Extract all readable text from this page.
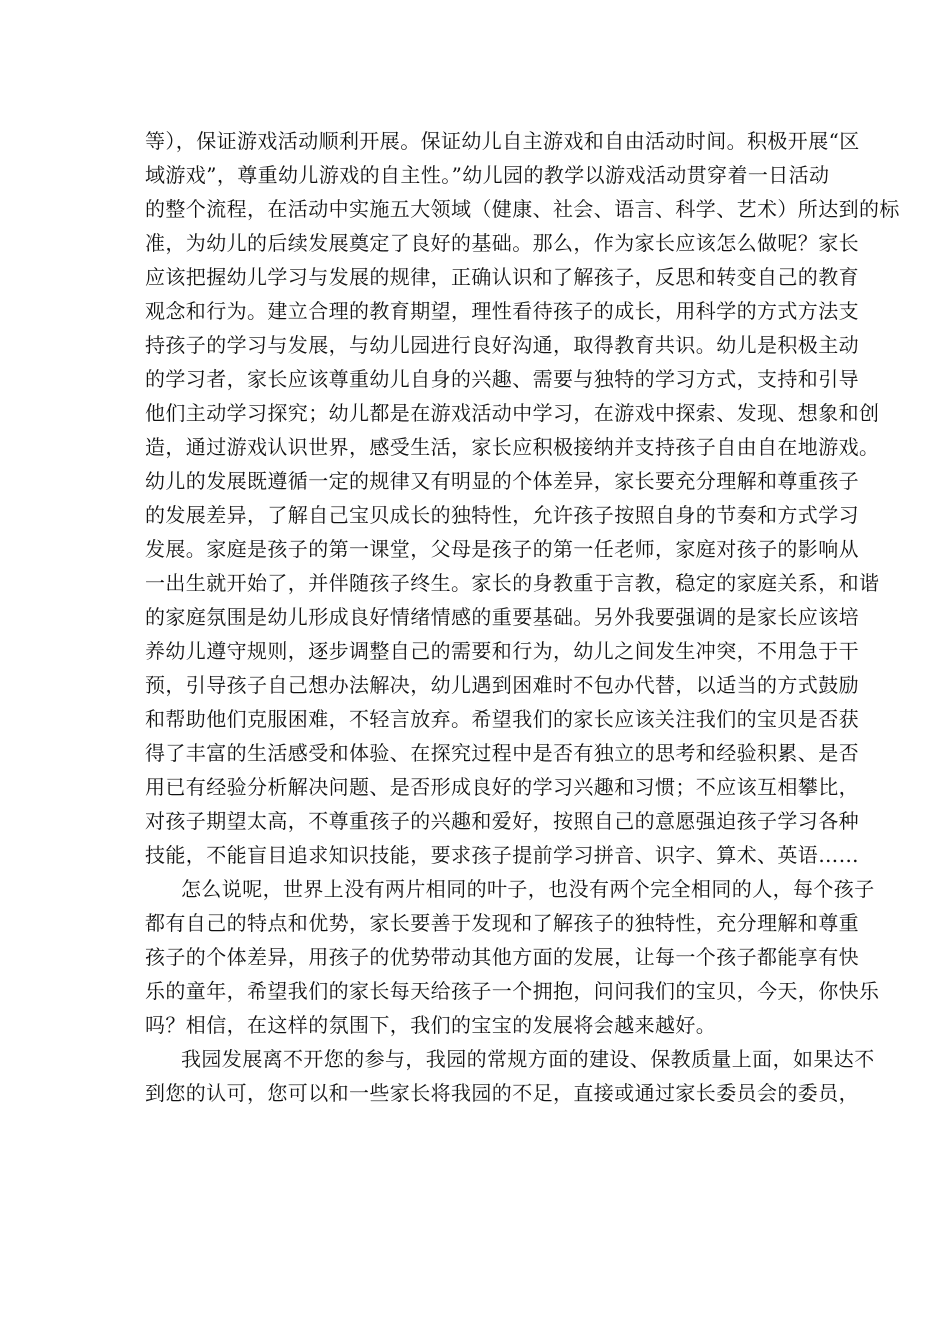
等），保证游戏活动顺利开展。保证幼儿自主游戏和自由活动时间。积极开展“区
域游戏”，尊重幼儿游戏的自主性。”幼儿园的教学以游戏活动贯穿着一日活动
的整个流程，在活动中实施五大领域（健康、社会、语言、科学、艺术）所达到的标
准，为幼儿的后续发展奠定了良好的基础。那么，作为家长应该怎么做呢？家长
应该把握幼儿学习与发展的规律，正确认识和了解孩子，反思和转变自己的教育
观念和行为。建立合理的教育期望，理性看待孩子的成长，用科学的方式方法支
持孩子的学习与发展，与幼儿园进行良好沟通，取得教育共识。幼儿是积极主动
的学习者，家长应该尊重幼儿自身的兴趣、需要与独特的学习方式，支持和引导
他们主动学习探究；幼儿都是在游戏活动中学习，在游戏中探索、发现、想象和创
造，通过游戏认识世界，感受生活，家长应积极接纳并支持孩子自由自在地游戏。
幼儿的发展既遵循一定的规律又有明显的个体差异，家长要充分理解和尊重孩子
的发展差异，了解自己宝贝成长的独特性，允许孩子按照自身的节奏和方式学习
发展。家庭是孩子的第一课堂，父母是孩子的第一任老师，家庭对孩子的影响从
一出生就开始了，并伴随孩子终生。家长的身教重于言教，稳定的家庭关系，和谐
的家庭氛围是幼儿形成良好情绪情感的重要基础。另外我要强调的是家长应该培
养幼儿遵守规则，逐步调整自己的需要和行为，幼儿之间发生冲突，不用急于干
预，引导孩子自己想办法解决，幼儿遇到困难时不包办代替，以适当的方式鼓励
和帮助他们克服困难，不轻言放弃。希望我们的家长应该关注我们的宝贝是否获
得了丰富的生活感受和体验、在探究过程中是否有独立的思考和经验积累、是否
用已有经验分析解决问题、是否形成良好的学习兴趣和习惯；不应该互相攀比，
对孩子期望太高，不尊重孩子的兴趣和爱好，按照自己的意愿强迫孩子学习各种
技能，不能盲目追求知识技能，要求孩子提前学习拼音、识字、算术、英语……
怎么说呢，世界上没有两片相同的叶子，也没有两个完全相同的人，每个孩子
都有自己的特点和优势，家长要善于发现和了解孩子的独特性，充分理解和尊重
孩子的个体差异，用孩子的优势带动其他方面的发展，让每一个孩子都能享有快
乐的童年，希望我们的家长每天给孩子一个拥抱，问问我们的宝贝，今天，你快乐
吗？相信，在这样的氛围下，我们的宝宝的发展将会越来越好。
我园发展离不开您的参与，我园的常规方面的建设、保教质量上面，如果达不
到您的认可，您可以和一些家长将我园的不足，直接或通过家长委员会的委员，
